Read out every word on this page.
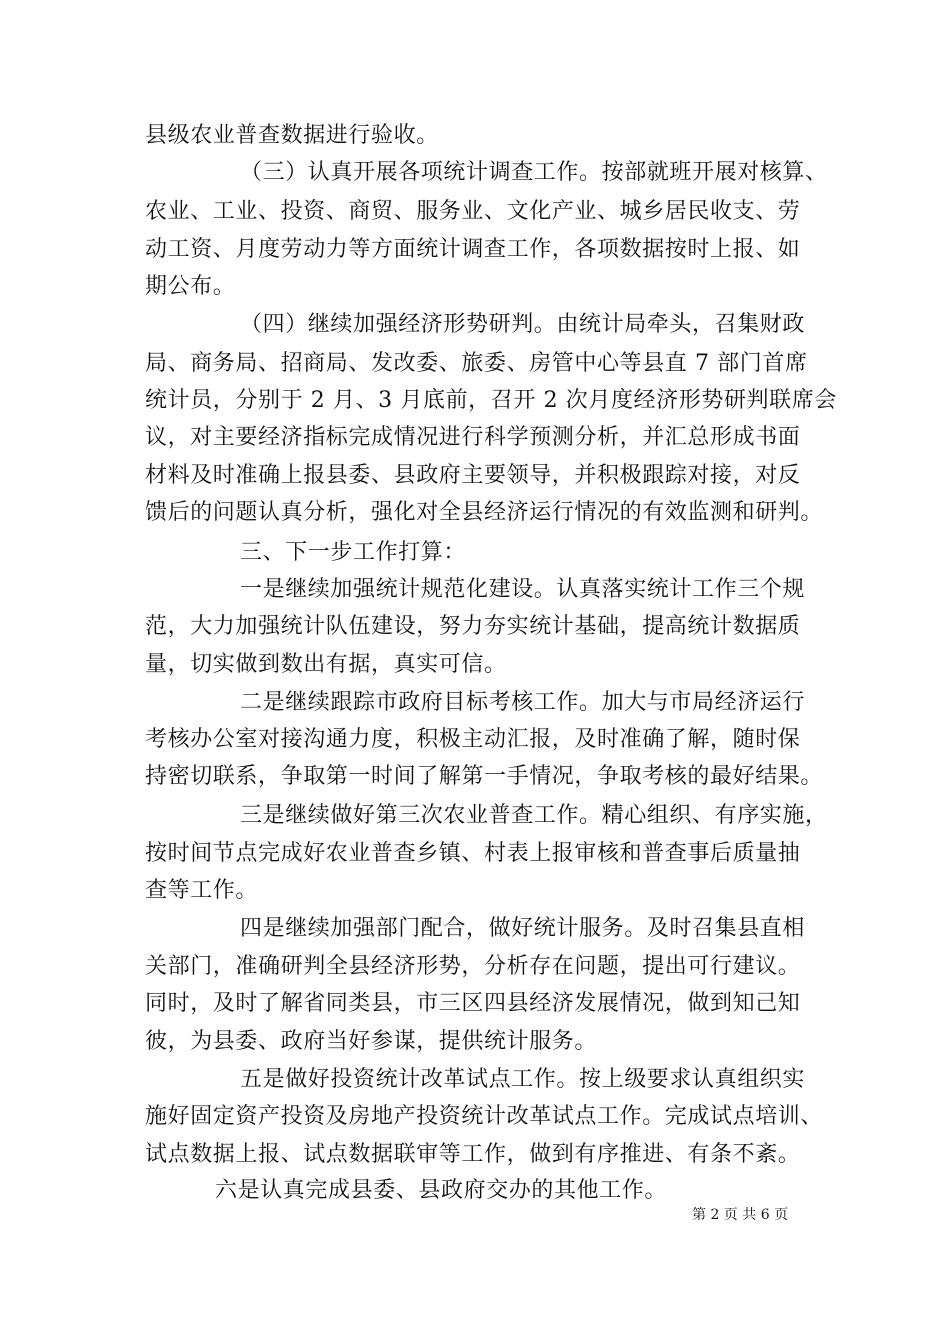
县级农业普查数据进行验收。
（三）认真开展各项统计调查工作。按部就班开展对核算、
农业、工业、投资、商贸、服务业、文化产业、城乡居民收支、劳
动工资、月度劳动力等方面统计调查工作，各项数据按时上报、如
期公布。
（四）继续加强经济形势研判。由统计局牵头，召集财政
局、商务局、招商局、发改委、旅委、房管中心等县直 7 部门首席
统计员，分别于 2 月、3 月底前，召开 2 次月度经济形势研判联席会
议，对主要经济指标完成情况进行科学预测分析，并汇总形成书面
材料及时准确上报县委、县政府主要领导，并积极跟踪对接，对反
馈后的问题认真分析，强化对全县经济运行情况的有效监测和研判。
三、下一步工作打算：
一是继续加强统计规范化建设。认真落实统计工作三个规
范，大力加强统计队伍建设，努力夯实统计基础，提高统计数据质
量，切实做到数出有据，真实可信。
二是继续跟踪市政府目标考核工作。加大与市局经济运行
考核办公室对接沟通力度，积极主动汇报，及时准确了解，随时保
持密切联系，争取第一时间了解第一手情况，争取考核的最好结果。
三是继续做好第三次农业普查工作。精心组织、有序实施，
按时间节点完成好农业普查乡镇、村表上报审核和普查事后质量抽
查等工作。
四是继续加强部门配合，做好统计服务。及时召集县直相
关部门，准确研判全县经济形势，分析存在问题，提出可行建议。
同时，及时了解省同类县，市三区四县经济发展情况，做到知己知
彼，为县委、政府当好参谋，提供统计服务。
五是做好投资统计改革试点工作。按上级要求认真组织实
施好固定资产投资及房地产投资统计改革试点工作。完成试点培训、
试点数据上报、试点数据联审等工作，做到有序推进、有条不紊。
六是认真完成县委、县政府交办的其他工作。
第 2 页 共 6 页
